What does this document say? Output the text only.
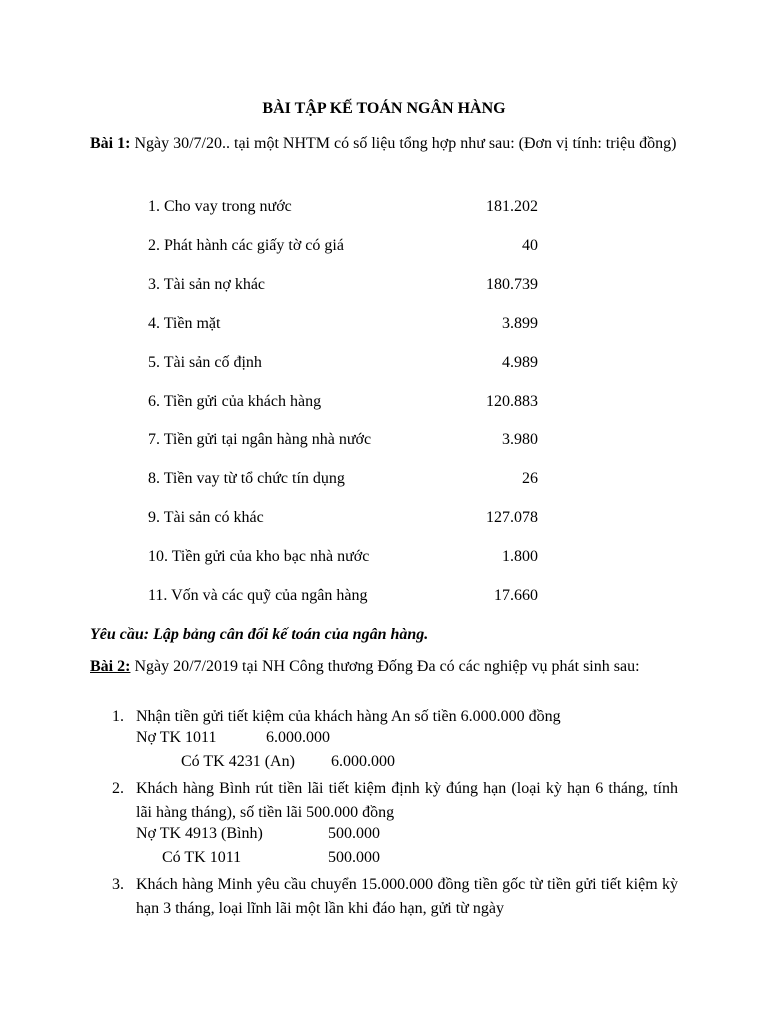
BÀI TẬP KẾ TOÁN NGÂN HÀNG
Bài 1: Ngày 30/7/20.. tại một NHTM có số liệu tổng hợp như sau: (Đơn vị tính: triệu đồng)
1. Cho vay trong nước	181.202
2. Phát hành các giấy tờ có giá	40
3. Tài sản nợ khác	180.739
4. Tiền mặt	3.899
5. Tài sản cố định	4.989
6. Tiền gửi của khách hàng	120.883
7. Tiền gửi tại ngân hàng nhà nước	3.980
8. Tiền vay từ tổ chức tín dụng	26
9. Tài sản có khác	127.078
10. Tiền gửi của kho bạc nhà nước	1.800
11. Vốn và các quỹ của ngân hàng	17.660
Yêu cầu: Lập bảng cân đối kế toán của ngân hàng.
Bài 2: Ngày 20/7/2019 tại NH Công thương Đống Đa có các nghiệp vụ phát sinh sau:
1. Nhận tiền gửi tiết kiệm của khách hàng An số tiền 6.000.000 đồng
Nợ TK 1011	6.000.000
Có TK 4231 (An) 6.000.000
2. Khách hàng Bình rút tiền lãi tiết kiệm định kỳ đúng hạn (loại kỳ hạn 6 tháng, tính lãi hàng tháng), số tiền lãi 500.000 đồng
Nợ TK 4913 (Bình)	500.000
Có TK 1011	500.000
3. Khách hàng Minh yêu cầu chuyển 15.000.000 đồng tiền gốc từ tiền gửi tiết kiệm kỳ hạn 3 tháng, loại lĩnh lãi một lần khi đáo hạn, gửi từ ngày
